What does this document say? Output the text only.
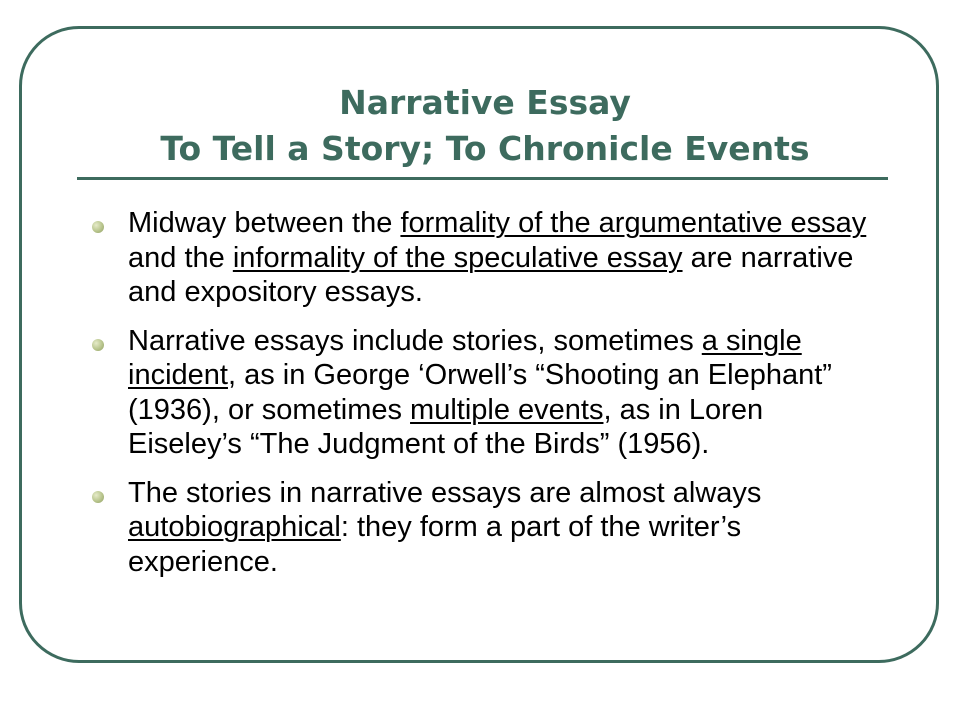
Narrative Essay
To Tell a Story; To Chronicle Events
Midway between the formality of the argumentative essay and the informality of the speculative essay are narrative and expository essays.
Narrative essays include stories, sometimes a single incident, as in George ‘Orwell’s “Shooting an Elephant” (1936), or sometimes multiple events, as in Loren Eiseley’s “The Judgment of the Birds” (1956).
The stories in narrative essays are almost always autobiographical: they form a part of the writer’s experience.
